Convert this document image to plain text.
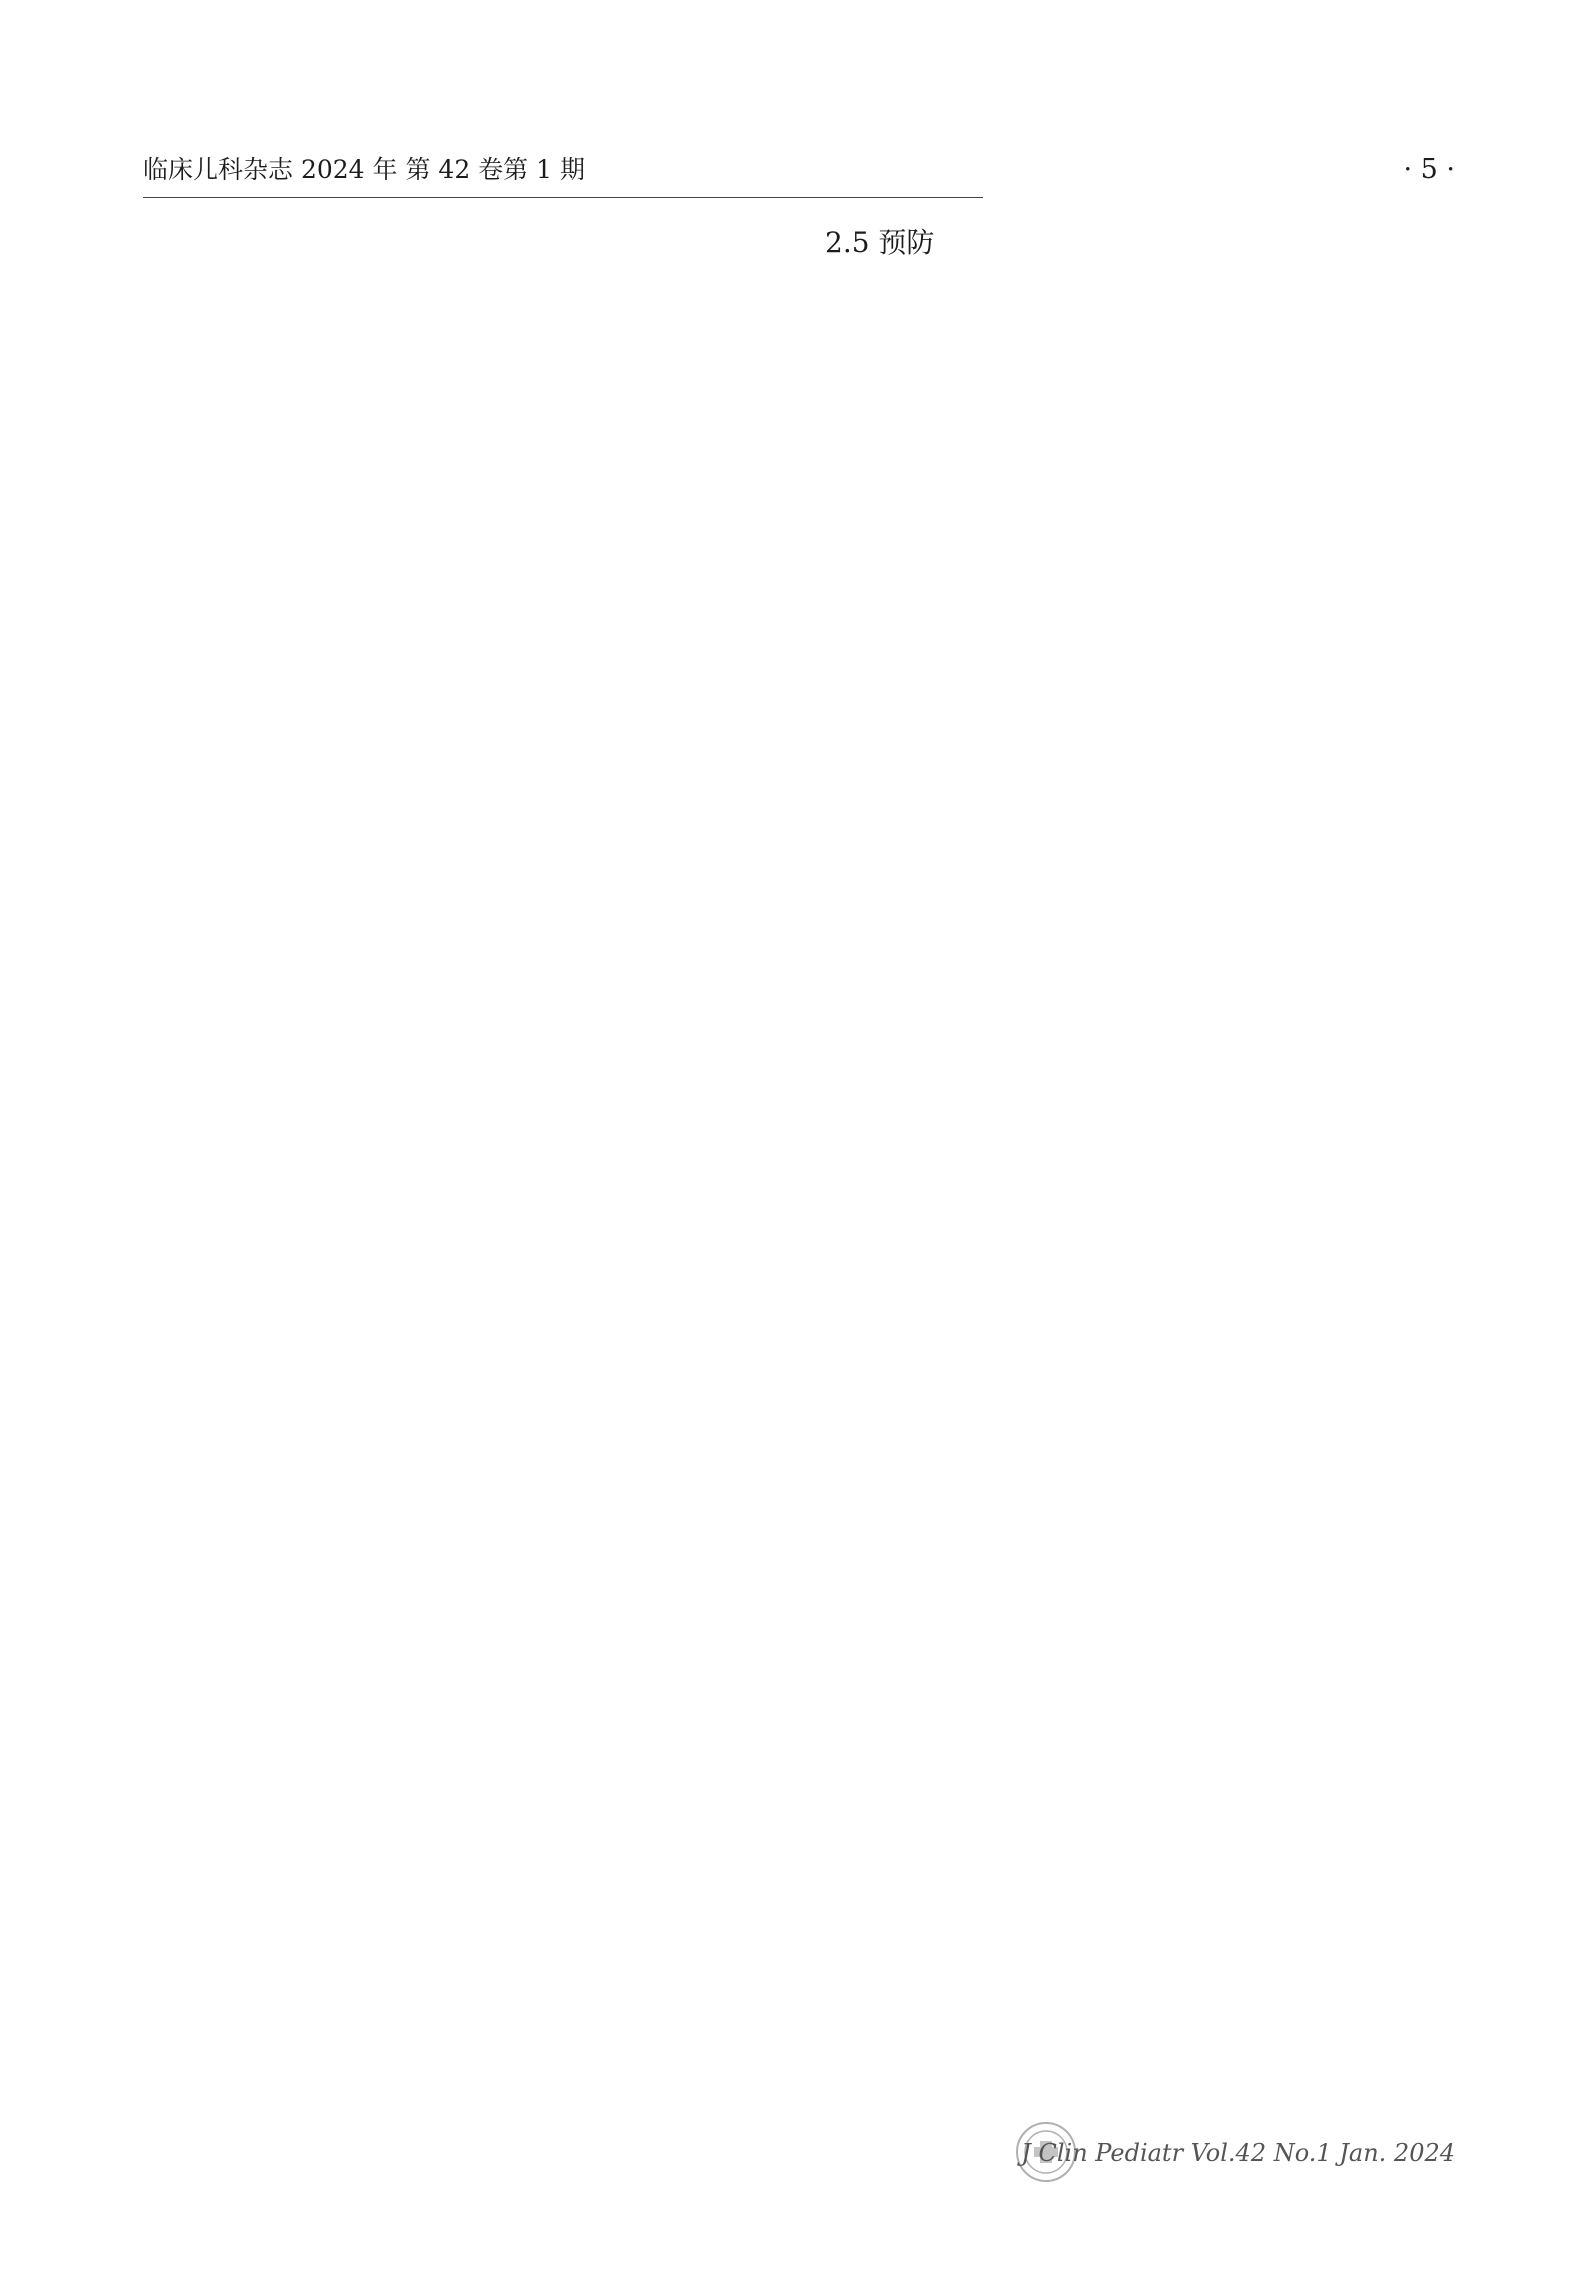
临床儿科杂志 2024 年 第 42 卷第 1 期	· 5 ·

2.5 预防

J Clin Pediatr Vol.42 No.1 Jan. 2024
